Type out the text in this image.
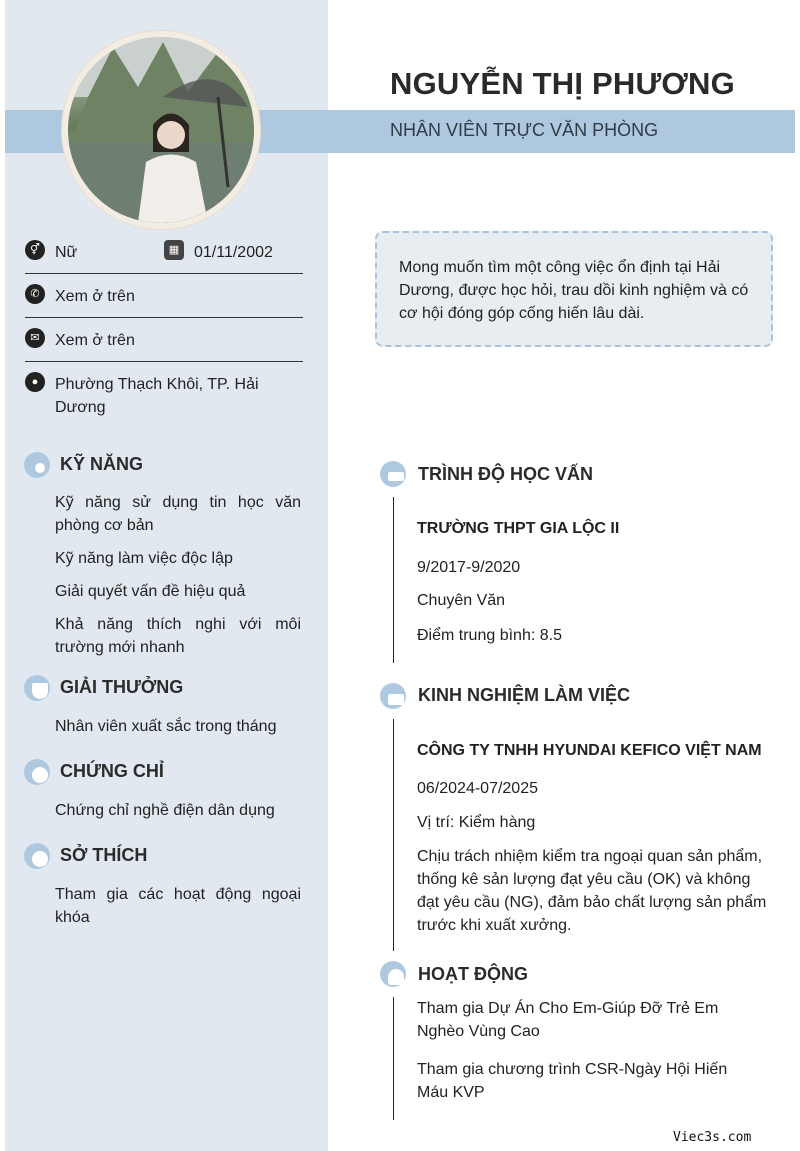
NGUYỄN THỊ PHƯƠNG
NHÂN VIÊN TRỰC VĂN PHÒNG
⚥ Nữ	▦ 01/11/2002
✆ Xem ở trên
✉ Xem ở trên
●	Phường Thạch Khôi, TP. Hải Dương
Mong muốn tìm một công việc ổn định tại Hải Dương, được học hỏi, trau dồi kinh nghiệm và có cơ hội đóng góp cống hiến lâu dài.
KỸ NĂNG
Kỹ năng sử dụng tin học văn phòng cơ bản
Kỹ năng làm việc độc lập
Giải quyết vấn đề hiệu quả
Khả năng thích nghi với môi trường mới nhanh
GIẢI THƯỞNG
Nhân viên xuất sắc trong tháng
CHỨNG CHỈ
Chứng chỉ nghề điện dân dụng
SỞ THÍCH
Tham gia các hoạt động ngoại khóa
TRÌNH ĐỘ HỌC VẤN
TRƯỜNG THPT GIA LỘC II
9/2017-9/2020
Chuyên Văn
Điểm trung bình: 8.5
KINH NGHIỆM LÀM VIỆC
CÔNG TY TNHH HYUNDAI KEFICO VIỆT NAM
06/2024-07/2025
Vị trí: Kiểm hàng
Chịu trách nhiệm kiểm tra ngoại quan sản phẩm, thống kê sản lượng đạt yêu cầu (OK) và không đạt yêu cầu (NG), đảm bảo chất lượng sản phẩm trước khi xuất xưởng.
HOẠT ĐỘNG
Tham gia Dự Án Cho Em-Giúp Đỡ Trẻ Em Nghèo Vùng Cao
Tham gia chương trình CSR-Ngày Hội Hiến Máu KVP
Viec3s.com
